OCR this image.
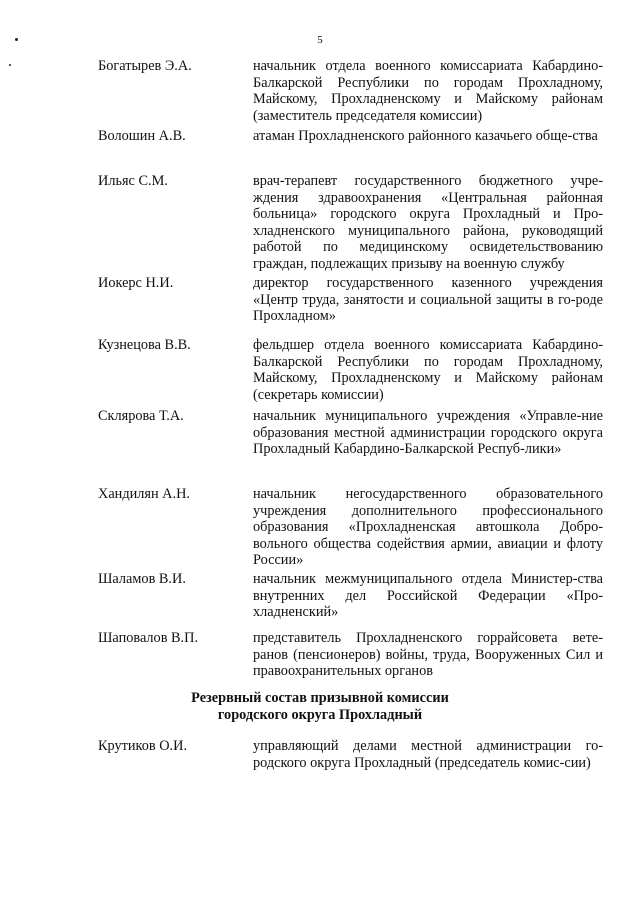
5
Богатырев Э.А.	начальник отдела военного комиссариата Кабардино-Балкарской Республики по городам Прохладному, Майскому, Прохладненскому и Майскому районам (заместитель председателя комиссии)
Волошин А.В.	атаман Прохладненского районного казачьего обще-ства
Ильяс С.М.	врач-терапевт государственного бюджетного учре-ждения здравоохранения «Центральная районная больница» городского округа Прохладный и Про-хладненского муниципального района, руководящий работой по медицинскому освидетельствованию граждан, подлежащих призыву на военную службу
Иокерс Н.И.	директор государственного казенного учреждения «Центр труда, занятости и социальной защиты в го-роде Прохладном»
Кузнецова В.В.	фельдшер отдела военного комиссариата Кабардино-Балкарской Республики по городам Прохладному, Майскому, Прохладненскому и Майскому районам (секретарь комиссии)
Склярова Т.А.	начальник муниципального учреждения «Управле-ние образования местной администрации городского округа Прохладный Кабардино-Балкарской Респуб-лики»
Хандилян А.Н.	начальник негосударственного образовательного учреждения дополнительного профессионального образования «Прохладненская автошкола Добро-вольного общества содействия армии, авиации и флоту России»
Шаламов В.И.	начальник межмуниципального отдела Министер-ства внутренних дел Российской Федерации «Про-хладненский»
Шаповалов В.П.	представитель Прохладненского горрайсовета вете-ранов (пенсионеров) войны, труда, Вооруженных Сил и правоохранительных органов
Резервный состав призывной комиссии
городского округа Прохладный
Крутиков О.И.	управляющий делами местной администрации го-родского округа Прохладный (председатель комис-сии)
